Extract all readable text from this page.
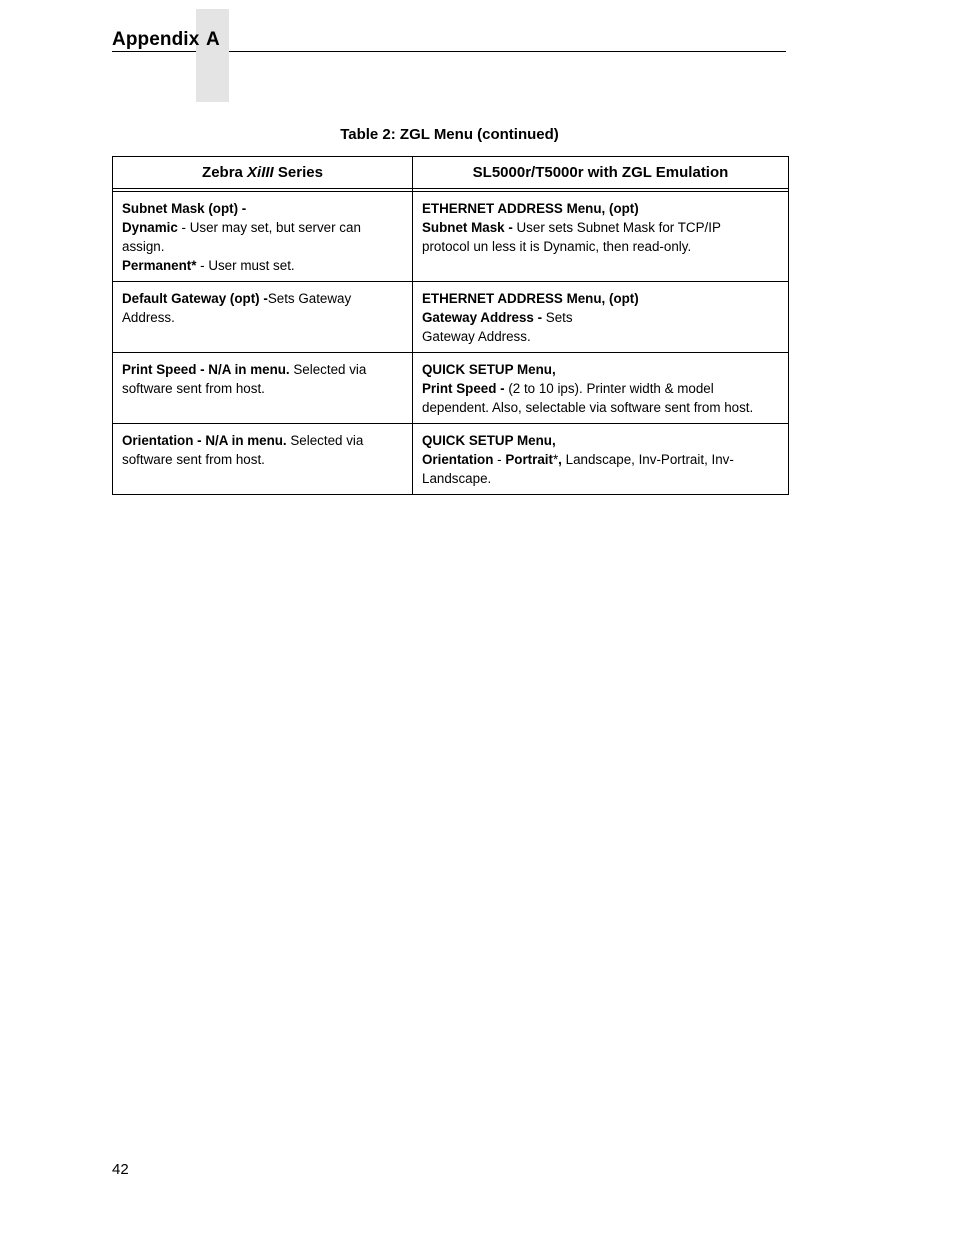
Appendix A
Table 2: ZGL Menu (continued)
Zebra XiIII Series	SL5000r/T5000r with ZGL Emulation

Subnet Mask (opt) -
Dynamic - User may set, but server can
assign.
Permanent* - User must set.	ETHERNET ADDRESS Menu, (opt)
Subnet Mask - User sets Subnet Mask for TCP/IP
protocol un less it is Dynamic, then read-only.

Default Gateway (opt) -Sets Gateway
Address.	ETHERNET ADDRESS Menu, (opt)
Gateway Address - Sets
Gateway Address.

Print Speed - N/A in menu. Selected via
software sent from host.	QUICK SETUP Menu,
Print Speed - (2 to 10 ips). Printer width & model
dependent. Also, selectable via software sent from host.

Orientation - N/A in menu. Selected via
software sent from host.	QUICK SETUP Menu,
Orientation - Portrait*, Landscape, Inv-Portrait, Inv-
Landscape.
42
